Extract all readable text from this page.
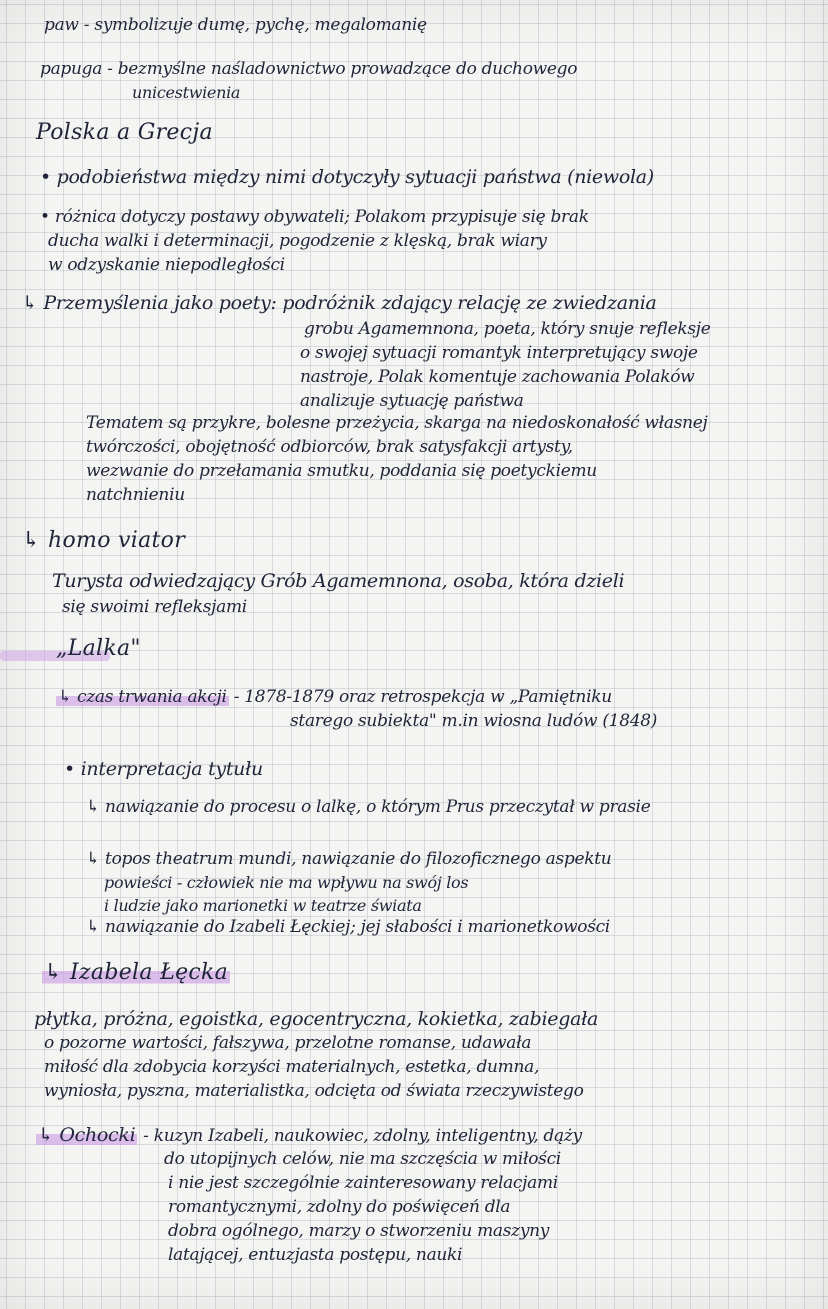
paw - symbolizuje dumę, pychę, megalomanię
papuga - bezmyślne naśladownictwo prowadzące do duchowego
unicestwienia
Polska a Grecja
• podobieństwa między nimi dotyczyły sytuacji państwa (niewola)
• różnica dotyczy postawy obywateli; Polakom przypisuje się brak
ducha walki i determinacji, pogodzenie z klęską, brak wiary
w odzyskanie niepodległości
↳ Przemyślenia jako poety: podróżnik zdający relację ze zwiedzania
grobu Agamemnona, poeta, który snuje refleksje
o swojej sytuacji romantyk interpretujący swoje
nastroje, Polak komentuje zachowania Polaków
analizuje sytuację państwa
Tematem są przykre, bolesne przeżycia, skarga na niedoskonałość własnej
twórczości, obojętność odbiorców, brak satysfakcji artysty,
wezwanie do przełamania smutku, poddania się poetyckiemu
natchnieniu
↳ homo viator
Turysta odwiedzający Grób Agamemnona, osoba, która dzieli
się swoimi refleksjami
„Lalka"
↳ czas trwania akcji - 1878-1879 oraz retrospekcja w „Pamiętniku
starego subiekta" m.in wiosna ludów (1848)
• interpretacja tytułu
↳ nawiązanie do procesu o lalkę, o którym Prus przeczytał w prasie
↳ topos theatrum mundi, nawiązanie do filozoficznego aspektu
powieści - człowiek nie ma wpływu na swój los
i ludzie jako marionetki w teatrze świata
↳ nawiązanie do Izabeli Łęckiej; jej słabości i marionetkowości
↳ Izabela Łęcka
płytka, próżna, egoistka, egocentryczna, kokietka, zabiegała
o pozorne wartości, fałszywa, przelotne romanse, udawała
miłość dla zdobycia korzyści materialnych, estetka, dumna,
wyniosła, pyszna, materialistka, odcięta od świata rzeczywistego
↳ Ochocki - kuzyn Izabeli, naukowiec, zdolny, inteligentny, dąży
do utopijnych celów, nie ma szczęścia w miłości
i nie jest szczególnie zainteresowany relacjami
romantycznymi, zdolny do poświęceń dla
dobra ogólnego, marzy o stworzeniu maszyny
latającej, entuzjasta postępu, nauki
